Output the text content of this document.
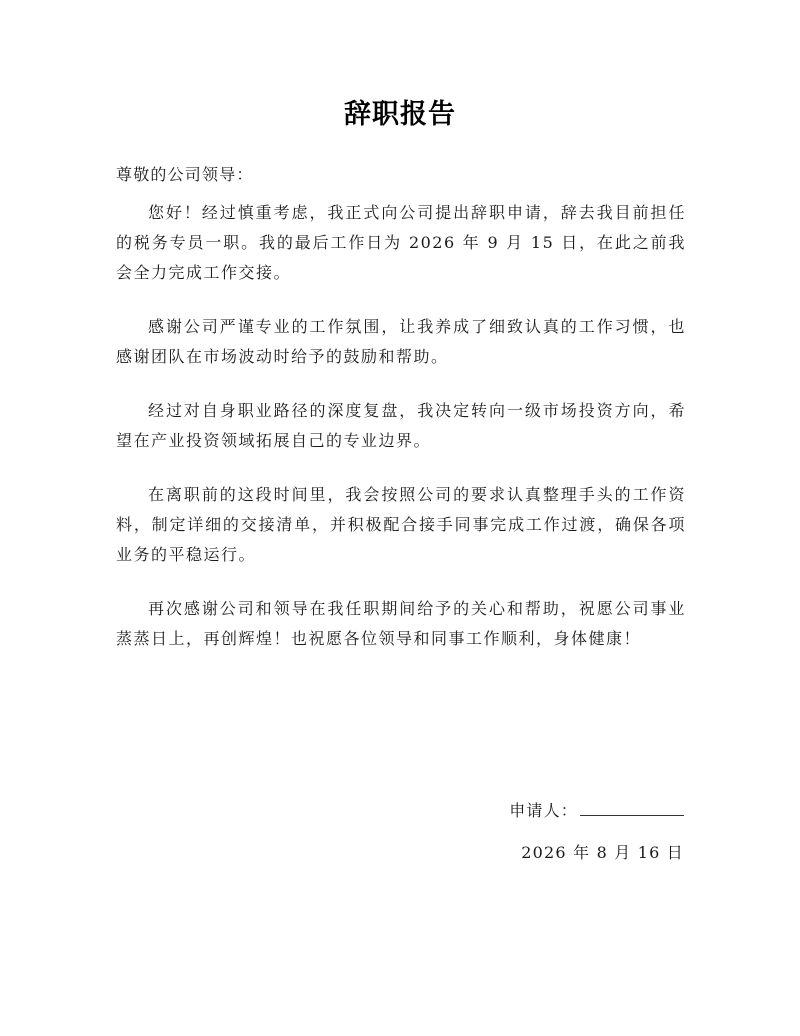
辞职报告
尊敬的公司领导：

您好！经过慎重考虑，我正式向公司提出辞职申请，辞去我目前担任的税务专员一职。我的最后工作日为 2026 年 9 月 15 日，在此之前我会全力完成工作交接。

感谢公司严谨专业的工作氛围，让我养成了细致认真的工作习惯，也感谢团队在市场波动时给予的鼓励和帮助。

经过对自身职业路径的深度复盘，我决定转向一级市场投资方向，希望在产业投资领域拓展自己的专业边界。

在离职前的这段时间里，我会按照公司的要求认真整理手头的工作资料，制定详细的交接清单，并积极配合接手同事完成工作过渡，确保各项业务的平稳运行。

再次感谢公司和领导在我任职期间给予的关心和帮助，祝愿公司事业蒸蒸日上，再创辉煌！也祝愿各位领导和同事工作顺利，身体健康！

申请人：
2026 年 8 月 16 日
